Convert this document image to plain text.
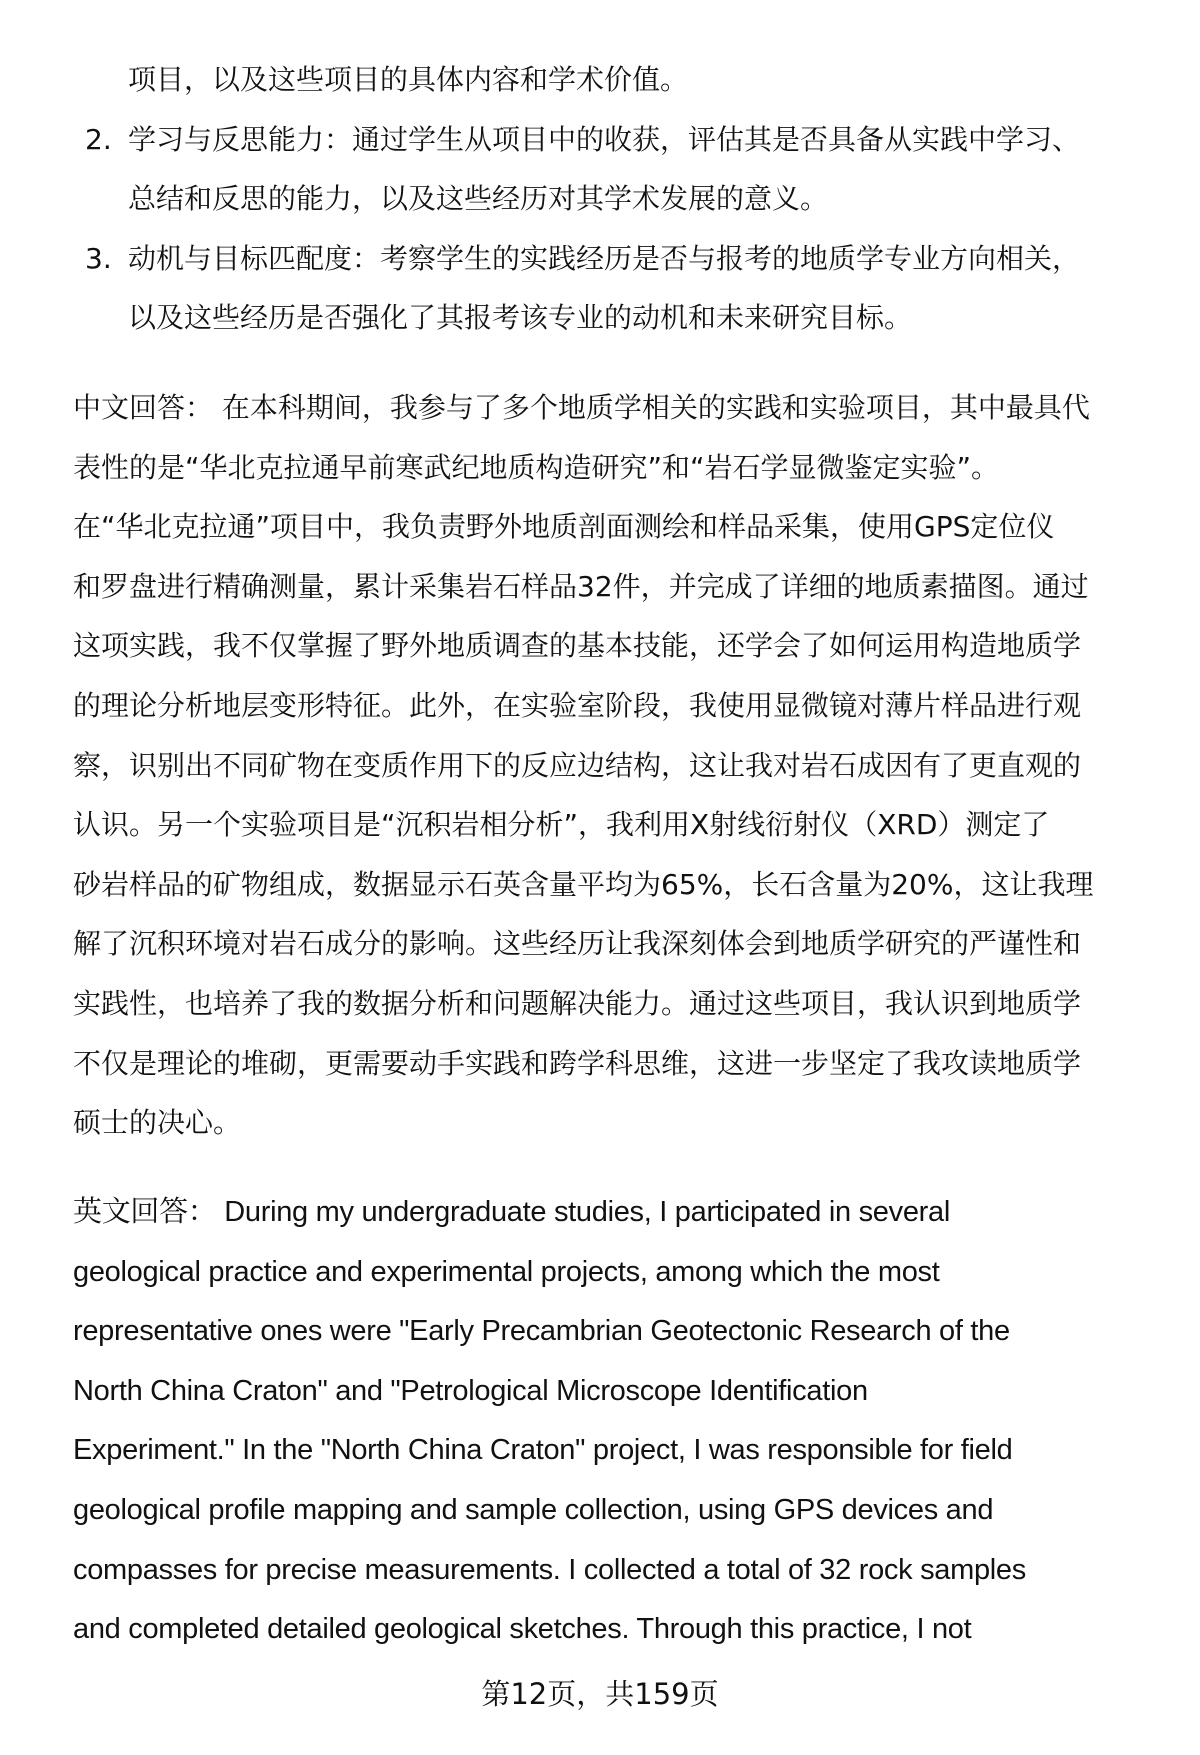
项目，以及这些项目的具体内容和学术价值。
2. 学习与反思能力：通过学生从项目中的收获，评估其是否具备从实践中学习、
总结和反思的能力，以及这些经历对其学术发展的意义。
3. 动机与目标匹配度：考察学生的实践经历是否与报考的地质学专业方向相关，
以及这些经历是否强化了其报考该专业的动机和未来研究目标。
中文回答： 在本科期间，我参与了多个地质学相关的实践和实验项目，其中最具代
表性的是“华北克拉通早前寒武纪地质构造研究”和“岩石学显微鉴定实验”。
在“华北克拉通”项目中，我负责野外地质剖面测绘和样品采集，使用GPS定位仪
和罗盘进行精确测量，累计采集岩石样品32件，并完成了详细的地质素描图。通过
这项实践，我不仅掌握了野外地质调查的基本技能，还学会了如何运用构造地质学
的理论分析地层变形特征。此外，在实验室阶段，我使用显微镜对薄片样品进行观
察，识别出不同矿物在变质作用下的反应边结构，这让我对岩石成因有了更直观的
认识。另一个实验项目是“沉积岩相分析”，我利用X射线衍射仪（XRD）测定了
砂岩样品的矿物组成，数据显示石英含量平均为65%，长石含量为20%，这让我理
解了沉积环境对岩石成分的影响。这些经历让我深刻体会到地质学研究的严谨性和
实践性，也培养了我的数据分析和问题解决能力。通过这些项目，我认识到地质学
不仅是理论的堆砌，更需要动手实践和跨学科思维，这进一步坚定了我攻读地质学
硕士的决心。
英文回答： During my undergraduate studies, I participated in several
geological practice and experimental projects, among which the most
representative ones were "Early Precambrian Geotectonic Research of the
North China Craton" and "Petrological Microscope Identification
Experiment." In the "North China Craton" project, I was responsible for field
geological profile mapping and sample collection, using GPS devices and
compasses for precise measurements. I collected a total of 32 rock samples
and completed detailed geological sketches. Through this practice, I not
第12页，共159页
